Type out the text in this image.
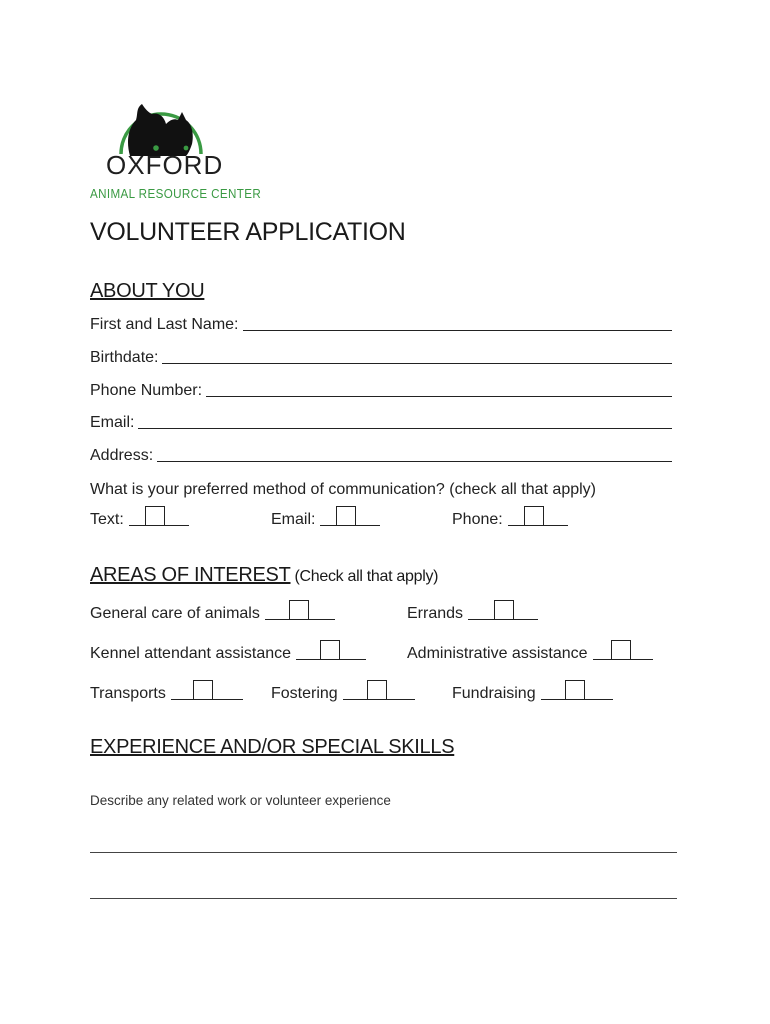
OXFORD
ANIMAL RESOURCE CENTER
VOLUNTEER APPLICATION
ABOUT YOU
First and Last Name:
Birthdate:
Phone Number:
Email:
Address:
What is your preferred method of communication? (check all that apply)
Text:	Email:	Phone:
AREAS OF INTEREST (Check all that apply)
General care of animals	Errands
Kennel attendant assistance	Administrative assistance
Transports	Fostering	Fundraising
EXPERIENCE AND/OR SPECIAL SKILLS
Describe any related work or volunteer experience
